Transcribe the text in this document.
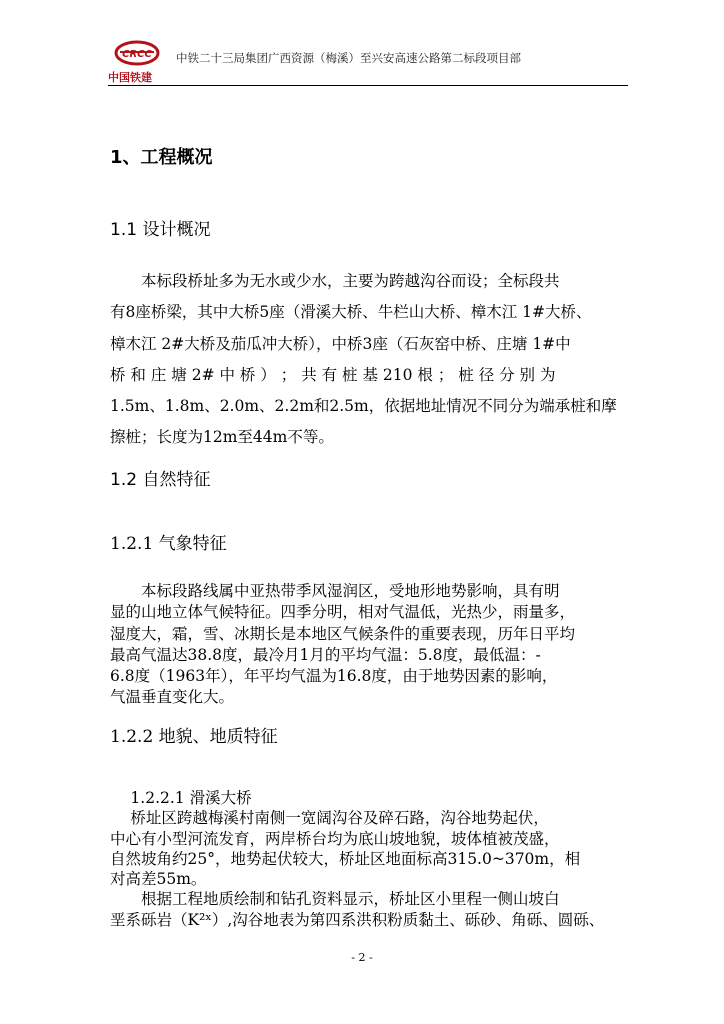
CRCC
中国铁建
中铁二十三局集团广西资源（梅溪）至兴安高速公路第二标段项目部
1、工程概况
1.1 设计概况
　　本标段桥址多为无水或少水，主要为跨越沟谷而设；全标段共
有8座桥梁，其中大桥5座（滑溪大桥、牛栏山大桥、樟木江 1#大桥、
樟木江 2#大桥及茄瓜冲大桥），中桥3座（石灰窑中桥、庄塘 1#中
桥 和 庄 塘 2# 中 桥 ） ； 共 有 桩 基 210 根 ； 桩 径 分 别 为
1.5m、1.8m、2.0m、2.2m和2.5m，依据地址情况不同分为端承桩和摩
擦桩；长度为12m至44m不等。
1.2 自然特征
1.2.1 气象特征
　　本标段路线属中亚热带季风湿润区，受地形地势影响，具有明
显的山地立体气候特征。四季分明，相对气温低，光热少，雨量多，
湿度大，霜，雪、冰期长是本地区气候条件的重要表现，历年日平均
最高气温达38.8度，最冷月1月的平均气温：5.8度，最低温：-
6.8度（1963年），年平均气温为16.8度，由于地势因素的影响，
气温垂直变化大。
1.2.2 地貌、地质特征
　 1.2.2.1 滑溪大桥
　 桥址区跨越梅溪村南侧一宽阔沟谷及碎石路，沟谷地势起伏，
中心有小型河流发育，两岸桥台均为底山坡地貌，坡体植被茂盛，
自然坡角约25°，地势起伏较大，桥址区地面标高315.0~370m，相
对高差55m。
　　根据工程地质绘制和钻孔资料显示，桥址区小里程一侧山坡白
垩系砾岩（K²ˣ）,沟谷地表为第四系洪积粉质黏土、砾砂、角砾、圆砾、
- 2 -
